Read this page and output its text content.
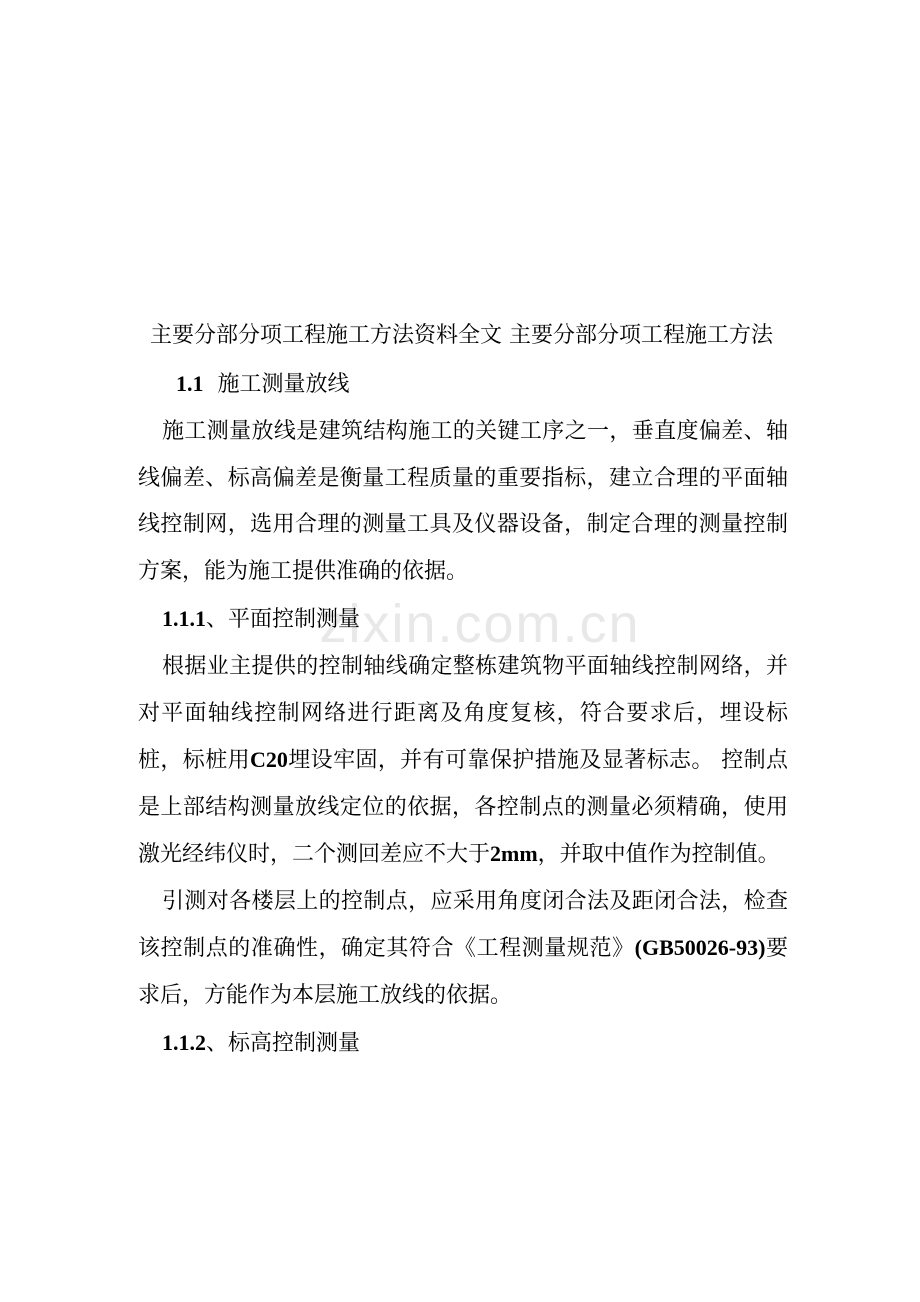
zixin.com.cn

主要分部分项工程施工方法资料全文 主要分部分项工程施工方法

1.1 施工测量放线

施工测量放线是建筑结构施工的关键工序之一，垂直度偏差、轴线偏差、标高偏差是衡量工程质量的重要指标，建立合理的平面轴线控制网，选用合理的测量工具及仪器设备，制定合理的测量控制方案，能为施工提供准确的依据。

1.1.1、平面控制测量

根据业主提供的控制轴线确定整栋建筑物平面轴线控制网络，并对平面轴线控制网络进行距离及角度复核，符合要求后，埋设标桩，标桩用C20埋设牢固，并有可靠保护措施及显著标志。 控制点是上部结构测量放线定位的依据，各控制点的测量必须精确，使用激光经纬仪时，二个测回差应不大于2mm，并取中值作为控制值。

引测对各楼层上的控制点，应采用角度闭合法及距闭合法，检查该控制点的准确性，确定其符合《工程测量规范》(GB50026-93)要求后，方能作为本层施工放线的依据。

1.1.2、标高控制测量
